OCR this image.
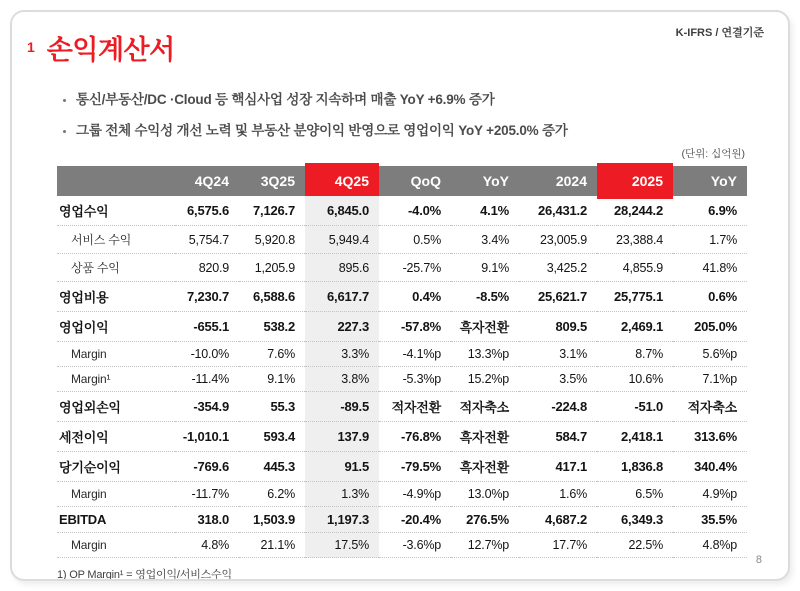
K-IFRS / 연결기준
1 손익계산서
• 통신/부동산/DC ·Cloud 등 핵심사업 성장 지속하며 매출 YoY +6.9% 증가
• 그룹 전체 수익성 개선 노력 및 부동산 분양이익 반영으로 영업이익 YoY +205.0% 증가
(단위: 십억원)
	4Q24	3Q25	4Q25	QoQ	YoY	2024	2025	YoY
영업수익	6,575.6	7,126.7	6,845.0	-4.0%	4.1%	26,431.2	28,244.2	6.9%
서비스 수익	5,754.7	5,920.8	5,949.4	0.5%	3.4%	23,005.9	23,388.4	1.7%
상품 수익	820.9	1,205.9	895.6	-25.7%	9.1%	3,425.2	4,855.9	41.8%
영업비용	7,230.7	6,588.6	6,617.7	0.4%	-8.5%	25,621.7	25,775.1	0.6%
영업이익	-655.1	538.2	227.3	-57.8%	흑자전환	809.5	2,469.1	205.0%
Margin	-10.0%	7.6%	3.3%	-4.1%p	13.3%p	3.1%	8.7%	5.6%p
Margin¹	-11.4%	9.1%	3.8%	-5.3%p	15.2%p	3.5%	10.6%	7.1%p
영업외손익	-354.9	55.3	-89.5	적자전환	적자축소	-224.8	-51.0	적자축소
세전이익	-1,010.1	593.4	137.9	-76.8%	흑자전환	584.7	2,418.1	313.6%
당기순이익	-769.6	445.3	91.5	-79.5%	흑자전환	417.1	1,836.8	340.4%
Margin	-11.7%	6.2%	1.3%	-4.9%p	13.0%p	1.6%	6.5%	4.9%p
EBITDA	318.0	1,503.9	1,197.3	-20.4%	276.5%	4,687.2	6,349.3	35.5%
Margin	4.8%	21.1%	17.5%	-3.6%p	12.7%p	17.7%	22.5%	4.8%p
1) OP Margin¹ = 영업이익/서비스수익
8
